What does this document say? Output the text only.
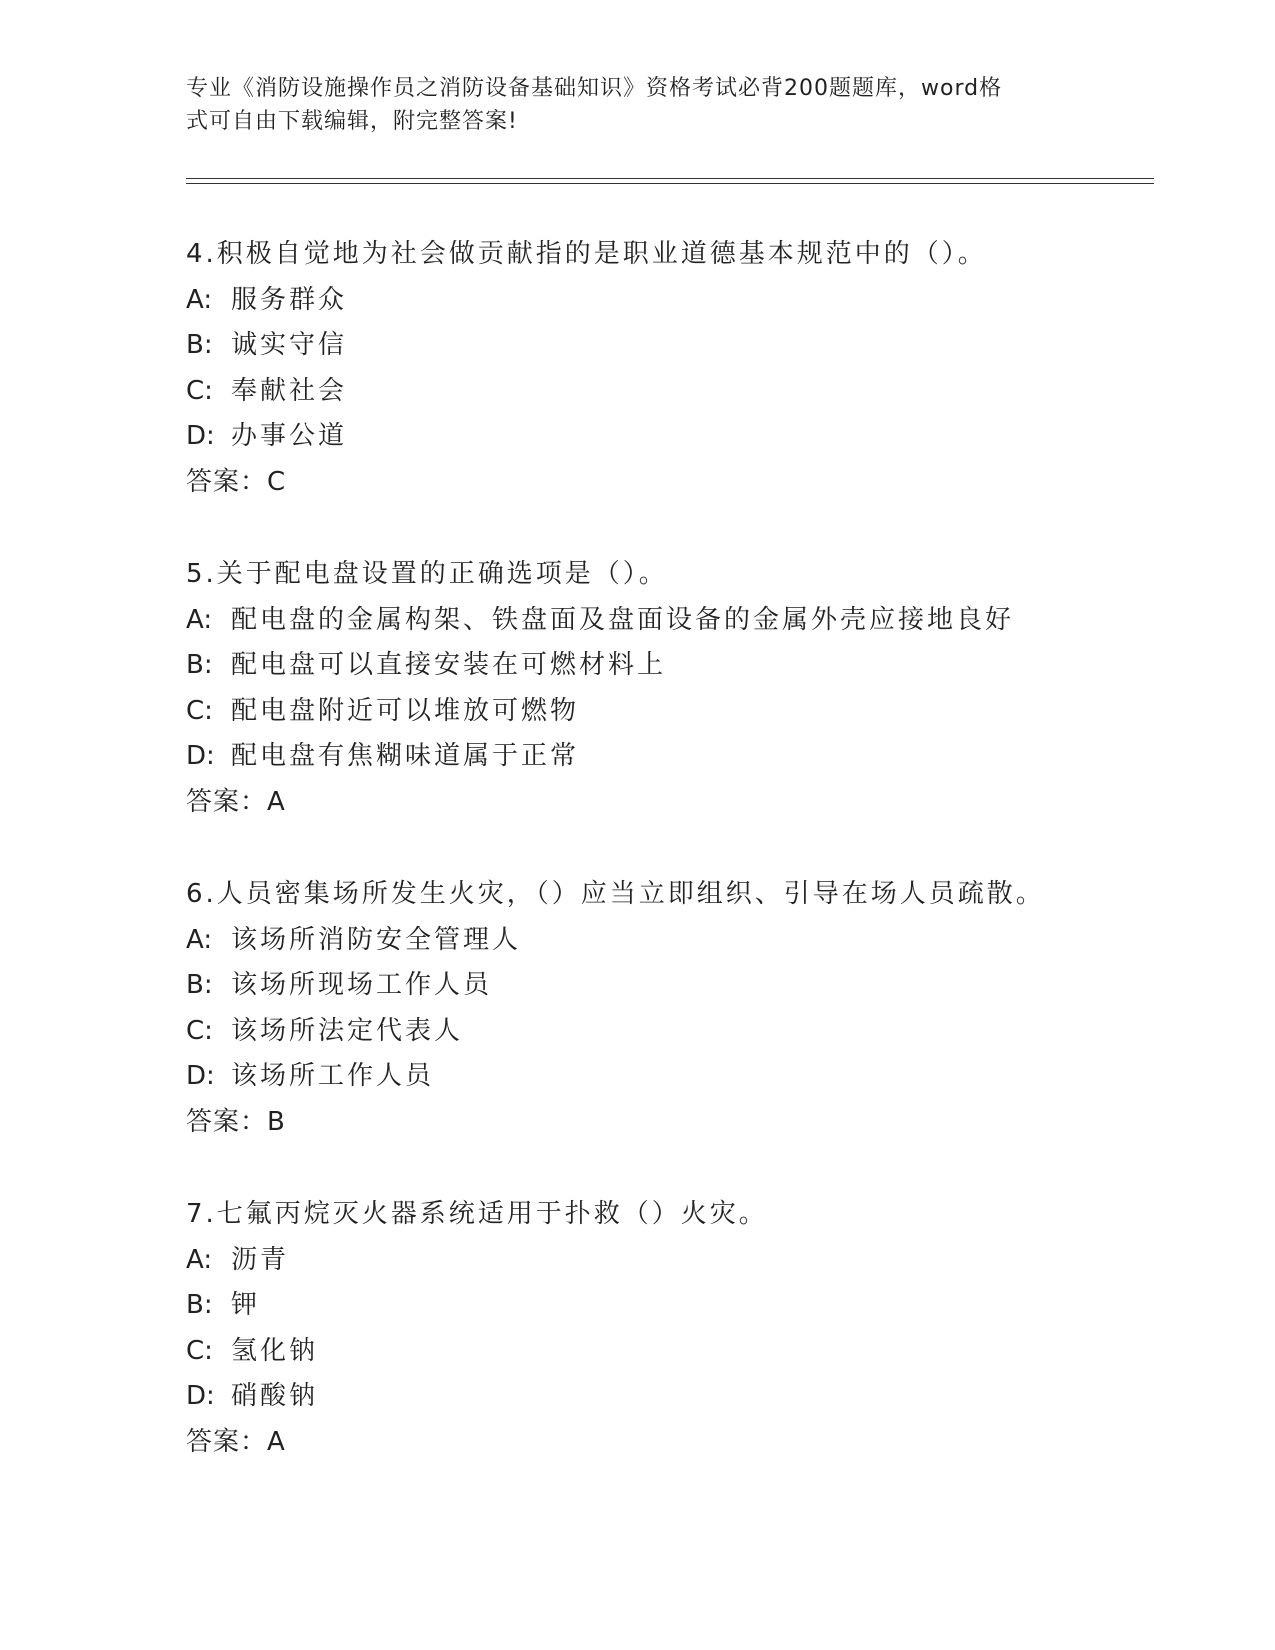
专业《消防设施操作员之消防设备基础知识》资格考试必背200题题库，word格
式可自由下载编辑，附完整答案!
4.积极自觉地为社会做贡献指的是职业道德基本规范中的（）。
A: 服务群众
B: 诚实守信
C: 奉献社会
D: 办事公道
答案：C
5.关于配电盘设置的正确选项是（）。
A: 配电盘的金属构架、铁盘面及盘面设备的金属外壳应接地良好
B: 配电盘可以直接安装在可燃材料上
C: 配电盘附近可以堆放可燃物
D: 配电盘有焦糊味道属于正常
答案：A
6.人员密集场所发生火灾，（）应当立即组织、引导在场人员疏散。
A: 该场所消防安全管理人
B: 该场所现场工作人员
C: 该场所法定代表人
D: 该场所工作人员
答案：B
7.七氟丙烷灭火器系统适用于扑救（）火灾。
A: 沥青
B: 钾
C: 氢化钠
D: 硝酸钠
答案：A
